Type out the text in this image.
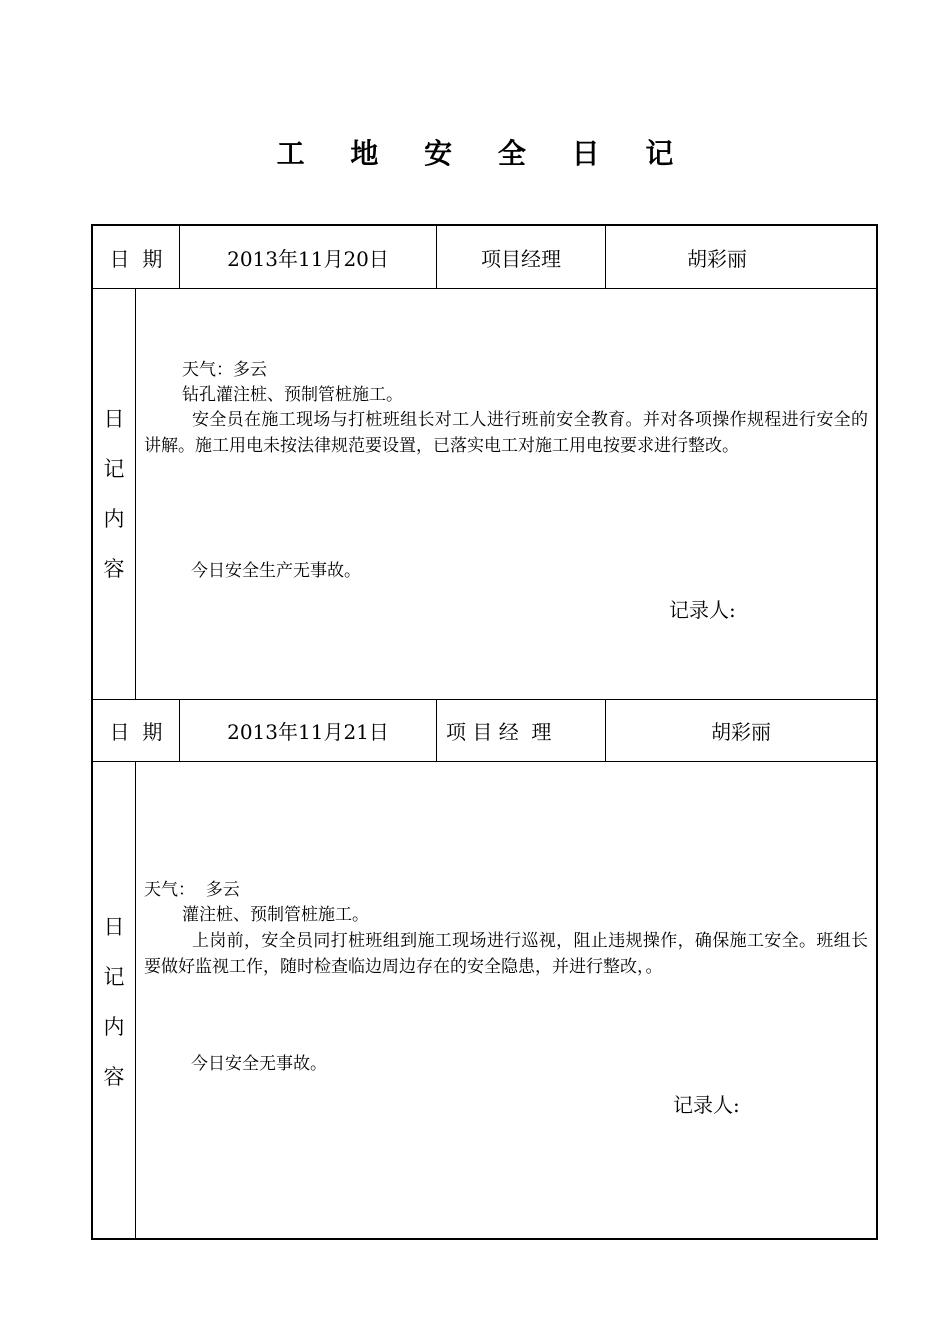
工 地 安 全 日 记
日  期	2013年11月20日	项目经理	胡彩丽
日
记
内
容
天气：多云
钻孔灌注桩、预制管桩施工。
安全员在施工现场与打桩班组长对工人进行班前安全教育。并对各项操作规程进行安全的讲解。施工用电未按法律规范要设置，已落实电工对施工用电按要求进行整改。
今日安全生产无事故。
记录人:
日  期	2013年11月21日	项 目 经  理	胡彩丽
日
记
内
容
天气：  多云
灌注桩、预制管桩施工。
上岗前，安全员同打桩班组到施工现场进行巡视，阻止违规操作，确保施工安全。班组长要做好监视工作，随时检查临边周边存在的安全隐患，并进行整改，。
今日安全无事故。
记录人:
